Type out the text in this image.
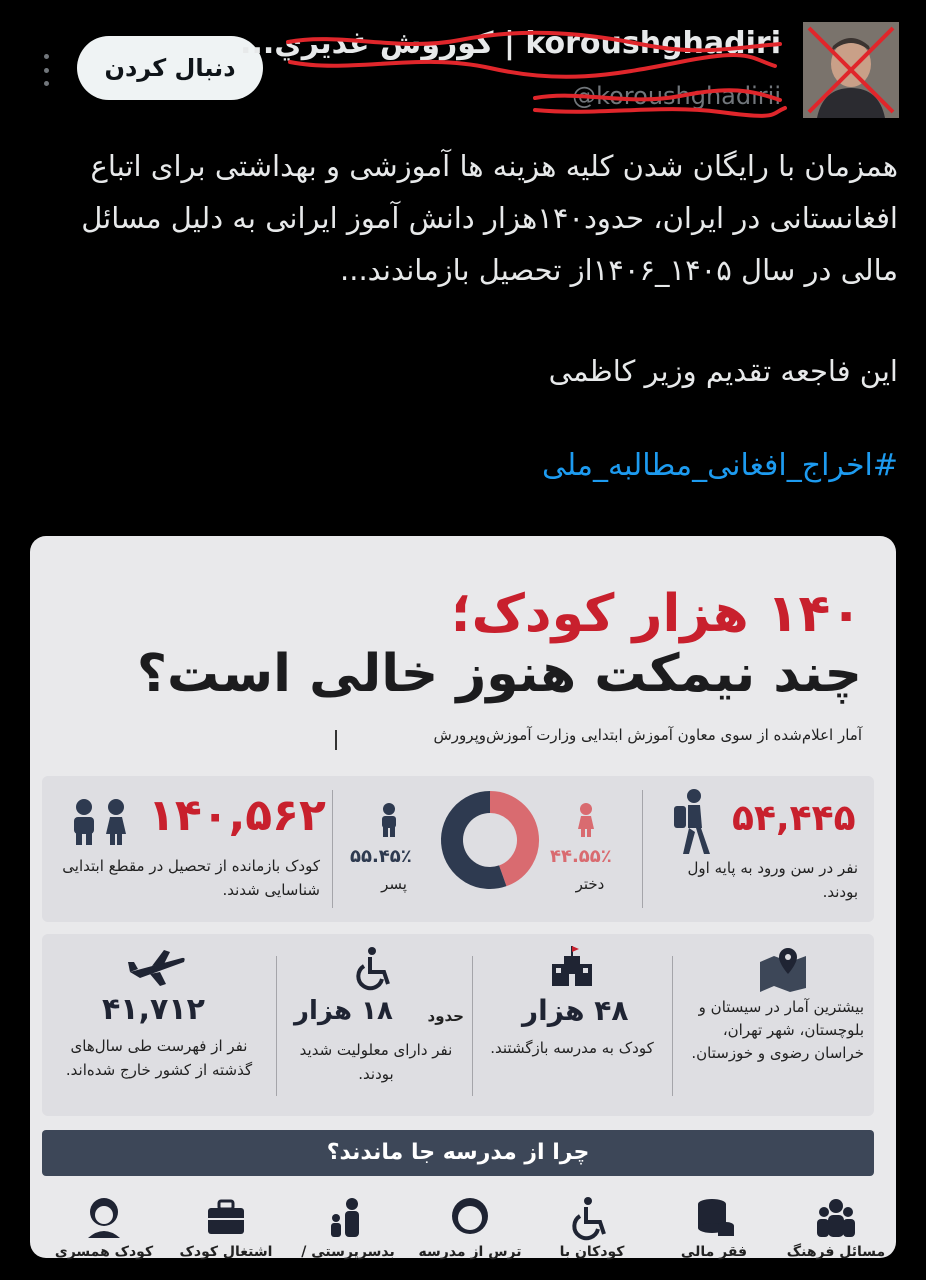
دنبال کردن
koroushghadiri | كوروش غديري...
@koroushghadirii
همزمان با رایگان شدن کلیه هزینه ها آموزشی و بهداشتی برای اتباع افغانستانی در ایران، حدود۱۴۰هزار دانش آموز ایرانی به دلیل مسائل مالی در سال ۱۴۰۵_۱۴۰۶از تحصیل بازماندند...
این فاجعه تقدیم وزیر کاظمی
#اخراج_افغانی_مطالبه_ملی
۱۴۰ هزار کودک؛
چند نیمکت هنوز خالی است؟
آمار اعلام‌شده از سوی معاون آموزش ابتدایی وزارت آموزش‌وپرورش
۱۴۰,۵۶۲
کودک بازمانده از تحصیل در مقطع ابتدایی شناسایی شدند.
۵۵.۴۵٪
پسر
۴۴.۵۵٪
دختر
۵۴,۴۴۵
نفر در سن ورود به پایه اول بودند.
۴۱,۷۱۲
نفر از فهرست طی سال‌های گذشته از کشور خارج شده‌اند.
۱۸ هزار	حدود
نفر دارای معلولیت شدید بودند.
۴۸ هزار
کودک به مدرسه بازگشتند.
بیشترین آمار در سیستان و بلوچستان، شهر تهران، خراسان رضوی و خوزستان.
چرا از مدرسه جا ماندند؟
مسائل فرهنگ
فقر مالی
کودکان با
ترس از مدرسه
بدسرپرستی /
اشتغال کودک
کودک همسری
